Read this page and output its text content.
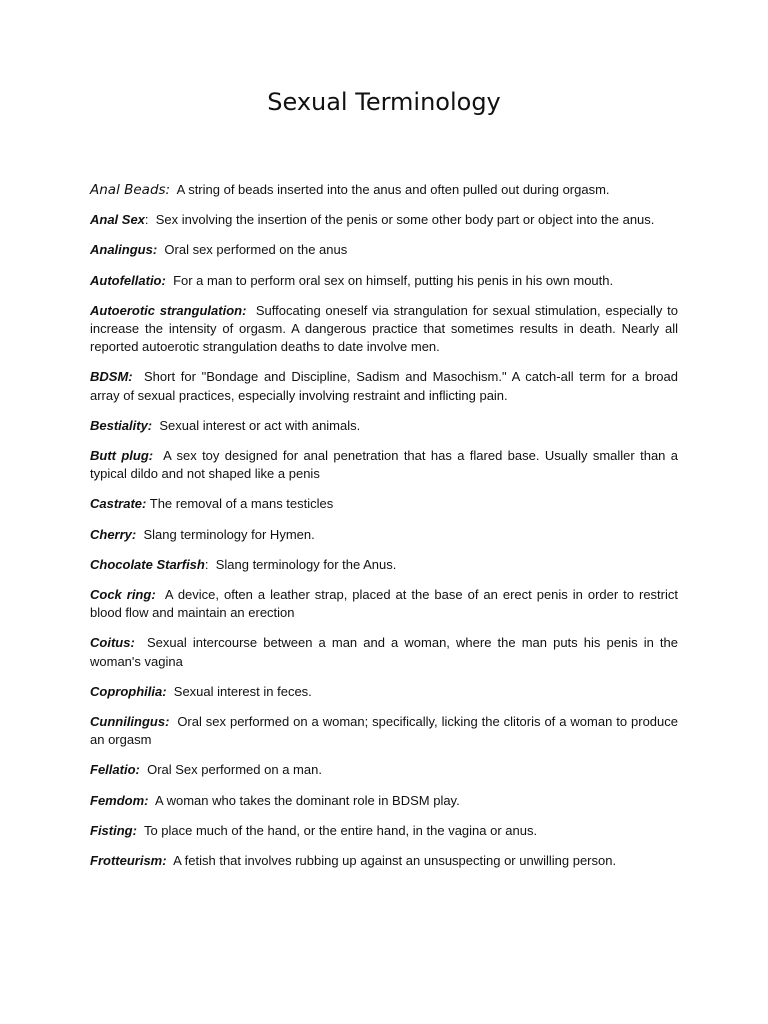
Sexual Terminology

Anal Beads: A string of beads inserted into the anus and often pulled out during orgasm.

Anal Sex:  Sex involving the insertion of the penis or some other body part or object into the anus.

Analingus: Oral sex performed on the anus

Autofellatio: For a man to perform oral sex on himself, putting his penis in his own mouth.

Autoerotic strangulation: Suffocating oneself via strangulation for sexual stimulation, especially to increase the intensity of orgasm. A dangerous practice that sometimes results in death. Nearly all reported autoerotic strangulation deaths to date involve men.

BDSM: Short for "Bondage and Discipline, Sadism and Masochism." A catch-all term for a broad array of sexual practices, especially involving restraint and inflicting pain.

Bestiality: Sexual interest or act with animals.

Butt plug: A sex toy designed for anal penetration that has a flared base. Usually smaller than a typical dildo and not shaped like a penis

Castrate: The removal of a mans testicles

Cherry: Slang terminology for Hymen.

Chocolate Starfish:  Slang terminology for the Anus.

Cock ring: A device, often a leather strap, placed at the base of an erect penis in order to restrict blood flow and maintain an erection

Coitus: Sexual intercourse between a man and a woman, where the man puts his penis in the woman's vagina

Coprophilia: Sexual interest in feces.

Cunnilingus: Oral sex performed on a woman; specifically, licking the clitoris of a woman to produce an orgasm

Fellatio: Oral Sex performed on a man.

Femdom: A woman who takes the dominant role in BDSM play.

Fisting: To place much of the hand, or the entire hand, in the vagina or anus.

Frotteurism: A fetish that involves rubbing up against an unsuspecting or unwilling person.
